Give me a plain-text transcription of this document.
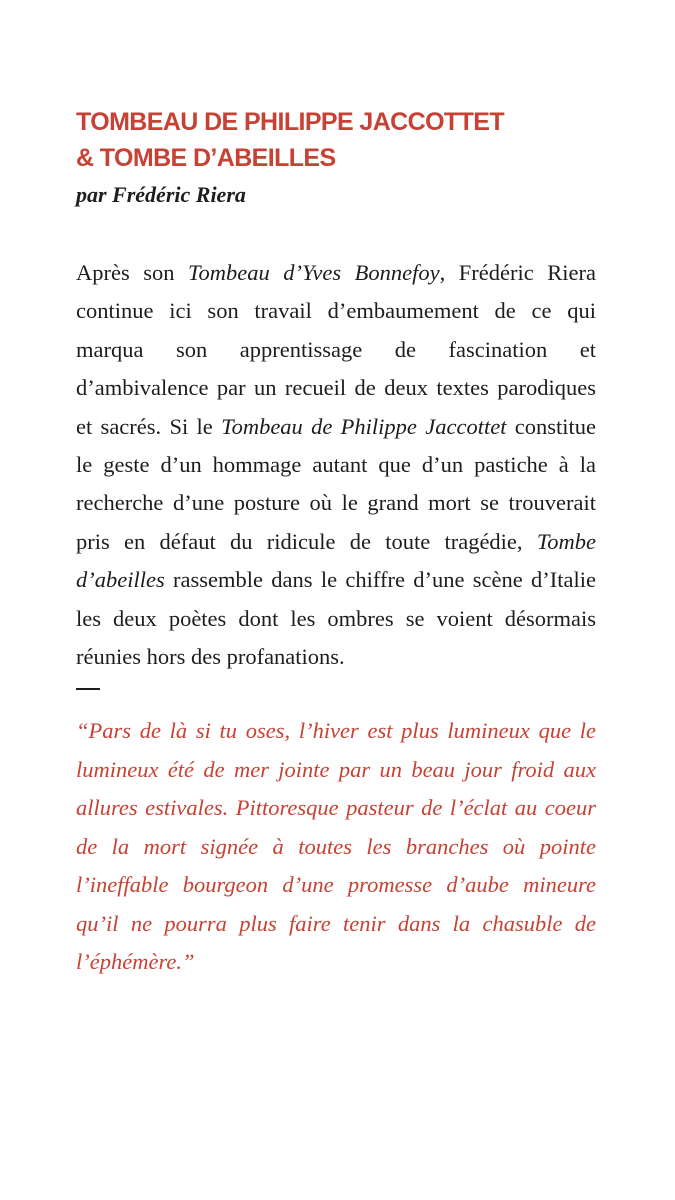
TOMBEAU DE PHILIPPE JACCOTTET
& TOMBE D’ABEILLES

par Frédéric Riera

Après son Tombeau d’Yves Bonnefoy, Frédéric Riera continue ici son travail d’embaumement de ce qui marqua son apprentissage de fascination et d’ambivalence par un recueil de deux textes parodiques et sacrés. Si le Tombeau de Philippe Jaccottet constitue le geste d’un hommage autant que d’un pastiche à la recherche d’une posture où le grand mort se trouverait pris en défaut du ridicule de toute tragédie, Tombe d’abeilles rassemble dans le chiffre d’une scène d’Italie les deux poètes dont les ombres se voient désormais réunies hors des profanations.

“Pars de là si tu oses, l’hiver est plus lumineux que le lumineux été de mer jointe par un beau jour froid aux allures estivales. Pittoresque pasteur de l’éclat au coeur de la mort signée à toutes les branches où pointe l’ineffable bourgeon d’une promesse d’aube mineure qu’il ne pourra plus faire tenir dans la chasuble de l’éphémère.”
